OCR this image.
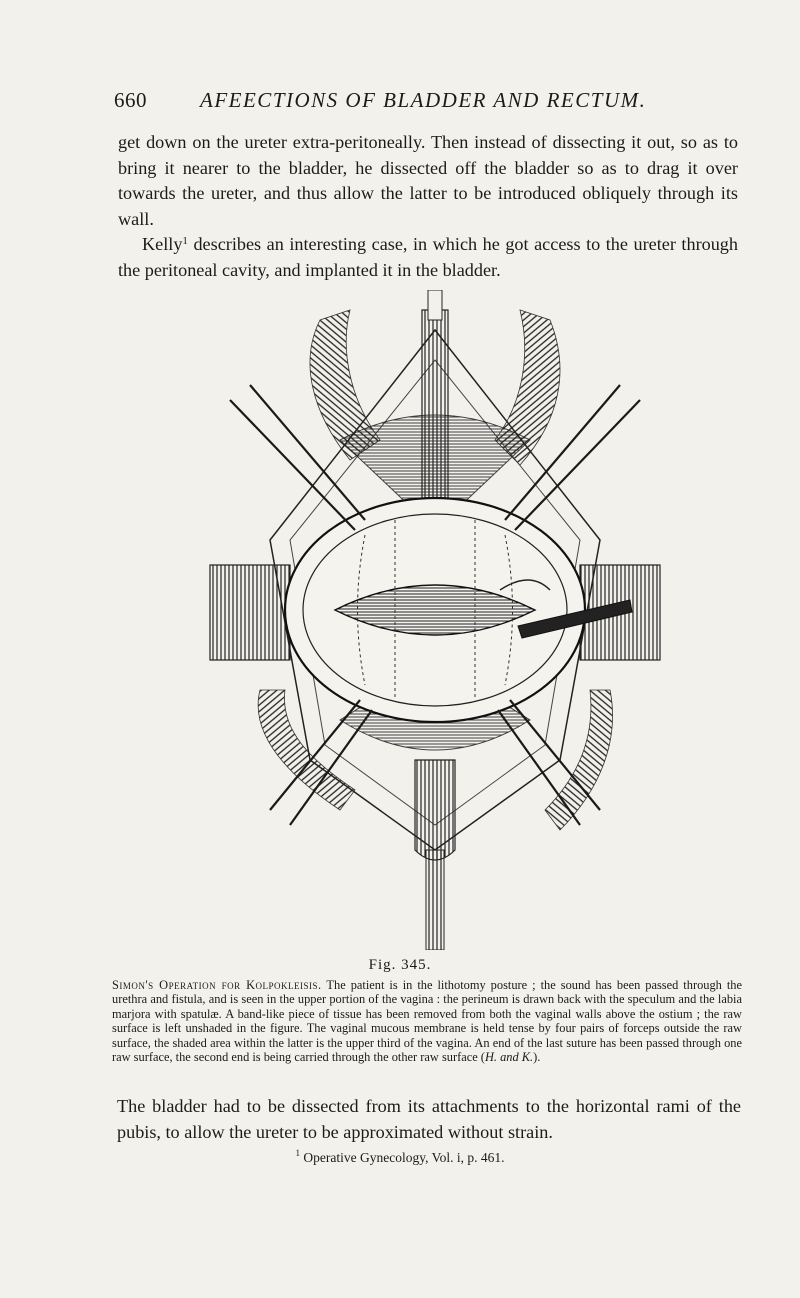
660	AFEECTIONS OF BLADDER AND RECTUM.

get down on the ureter extra-peritoneally. Then instead of dissecting it out, so as to bring it nearer to the bladder, he dissected off the bladder so as to drag it over towards the ureter, and thus allow the latter to be introduced obliquely through its wall.

Kelly$^1$ describes an interesting case, in which he got access to the ureter through the peritoneal cavity, and implanted it in the bladder.

Fig. 345.
Simon's Operation for Kolpokleisis. The patient is in the lithotomy posture ; the sound has been passed through the urethra and fistula, and is seen in the upper portion of the vagina : the perineum is drawn back with the speculum and the labia marjora with spatulæ. A band-like piece of tissue has been removed from both the vaginal walls above the ostium ; the raw surface is left unshaded in the figure. The vaginal mucous membrane is held tense by four pairs of forceps outside the raw surface, the shaded area within the latter is the upper third of the vagina. An end of the last suture has been passed through one raw surface, the second end is being carried through the other raw surface (H. and K.).
The bladder had to be dissected from its attachments to the horizontal rami of the pubis, to allow the ureter to be approximated without strain.
$^1$ Operative Gynecology, Vol. i, p. 461.
